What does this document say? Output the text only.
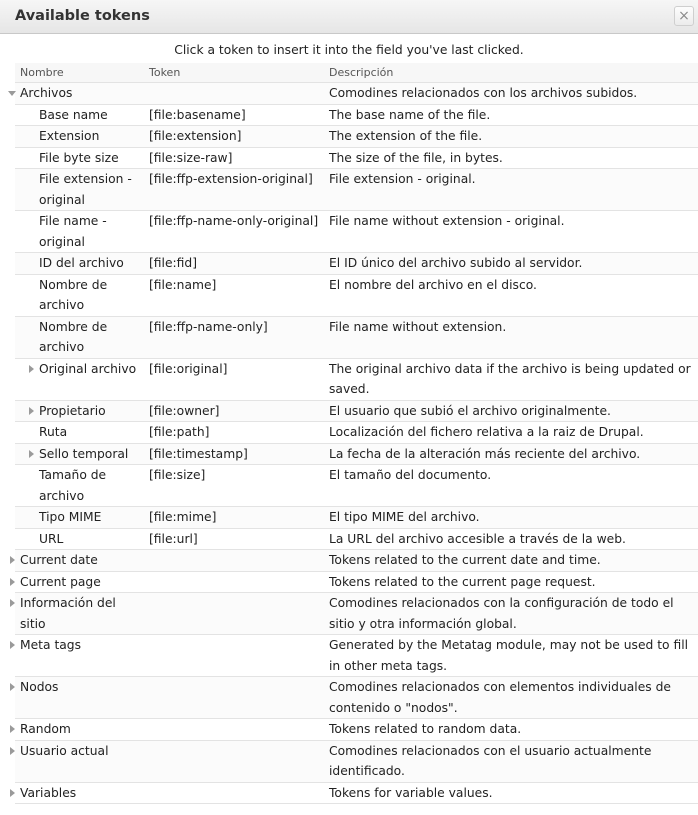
Available tokens	×
Click a token to insert it into the field you've last clicked.
Nombre	Token	Descripción

Archivos		Comodines relacionados con los archivos subidos.

Base name	[file:basename]	The base name of the file.

Extension	[file:extension]	The extension of the file.

File byte size	[file:size-raw]	The size of the file, in bytes.

File extension - original	[file:ffp-extension-original]	File extension - original.

File name - original	[file:ffp-name-only-original]	File name without extension - original.

ID del archivo	[file:fid]	El ID único del archivo subido al servidor.

Nombre de archivo	[file:name]	El nombre del archivo en el disco.

Nombre de archivo	[file:ffp-name-only]	File name without extension.

Original archivo	[file:original]	The original archivo data if the archivo is being updated or saved.

Propietario	[file:owner]	El usuario que subió el archivo originalmente.

Ruta	[file:path]	Localización del fichero relativa a la raiz de Drupal.

Sello temporal	[file:timestamp]	La fecha de la alteración más reciente del archivo.

Tamaño de archivo	[file:size]	El tamaño del documento.

Tipo MIME	[file:mime]	El tipo MIME del archivo.

URL	[file:url]	La URL del archivo accesible a través de la web.

Current date		Tokens related to the current date and time.

Current page		Tokens related to the current page request.

Información del sitio		Comodines relacionados con la configuración de todo el sitio y otra información global.

Meta tags		Generated by the Metatag module, may not be used to fill in other meta tags.

Nodos		Comodines relacionados con elementos individuales de contenido o "nodos".

Random		Tokens related to random data.

Usuario actual		Comodines relacionados con el usuario actualmente identificado.

Variables		Tokens for variable values.
